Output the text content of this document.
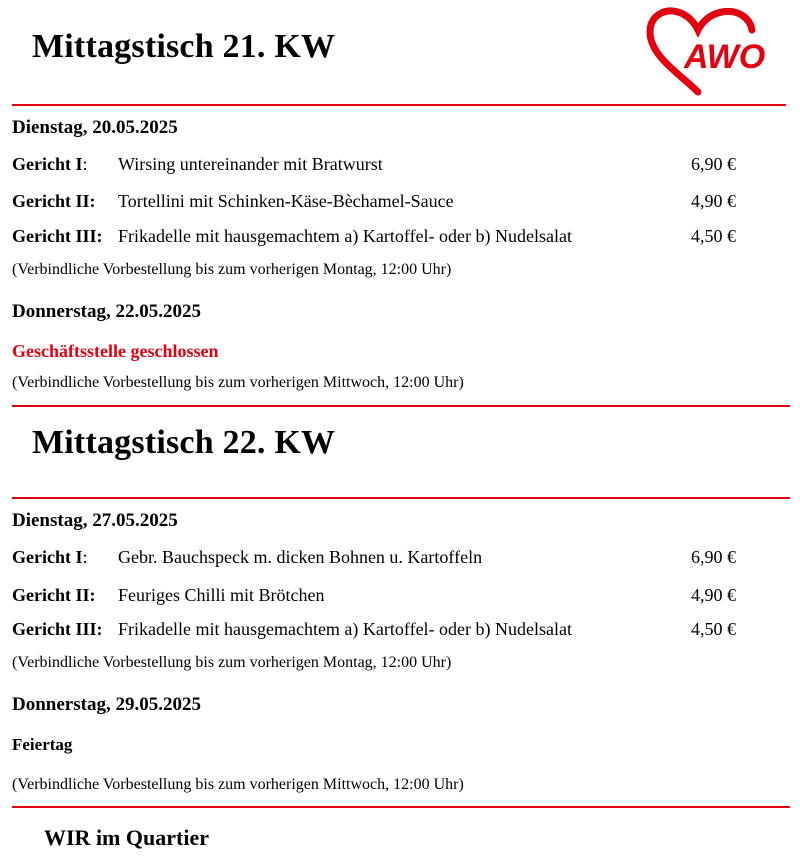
AWO
Mittagstisch 21. KW
Dienstag, 20.05.2025
Gericht I: Wirsing untereinander mit Bratwurst	6,90 €
Gericht II: Tortellini mit Schinken-Käse-Bèchamel-Sauce	4,90 €
Gericht III: Frikadelle mit hausgemachtem a) Kartoffel- oder b) Nudelsalat	4,50 €
(Verbindliche Vorbestellung bis zum vorherigen Montag, 12:00 Uhr)
Donnerstag, 22.05.2025
Geschäftsstelle geschlossen
(Verbindliche Vorbestellung bis zum vorherigen Mittwoch, 12:00 Uhr)
Mittagstisch 22. KW
Dienstag, 27.05.2025
Gericht I: Gebr. Bauchspeck m. dicken Bohnen u. Kartoffeln	6,90 €
Gericht II: Feuriges Chilli mit Brötchen	4,90 €
Gericht III: Frikadelle mit hausgemachtem a) Kartoffel- oder b) Nudelsalat	4,50 €
(Verbindliche Vorbestellung bis zum vorherigen Montag, 12:00 Uhr)
Donnerstag, 29.05.2025
Feiertag
(Verbindliche Vorbestellung bis zum vorherigen Mittwoch, 12:00 Uhr)
WIR im Quartier
